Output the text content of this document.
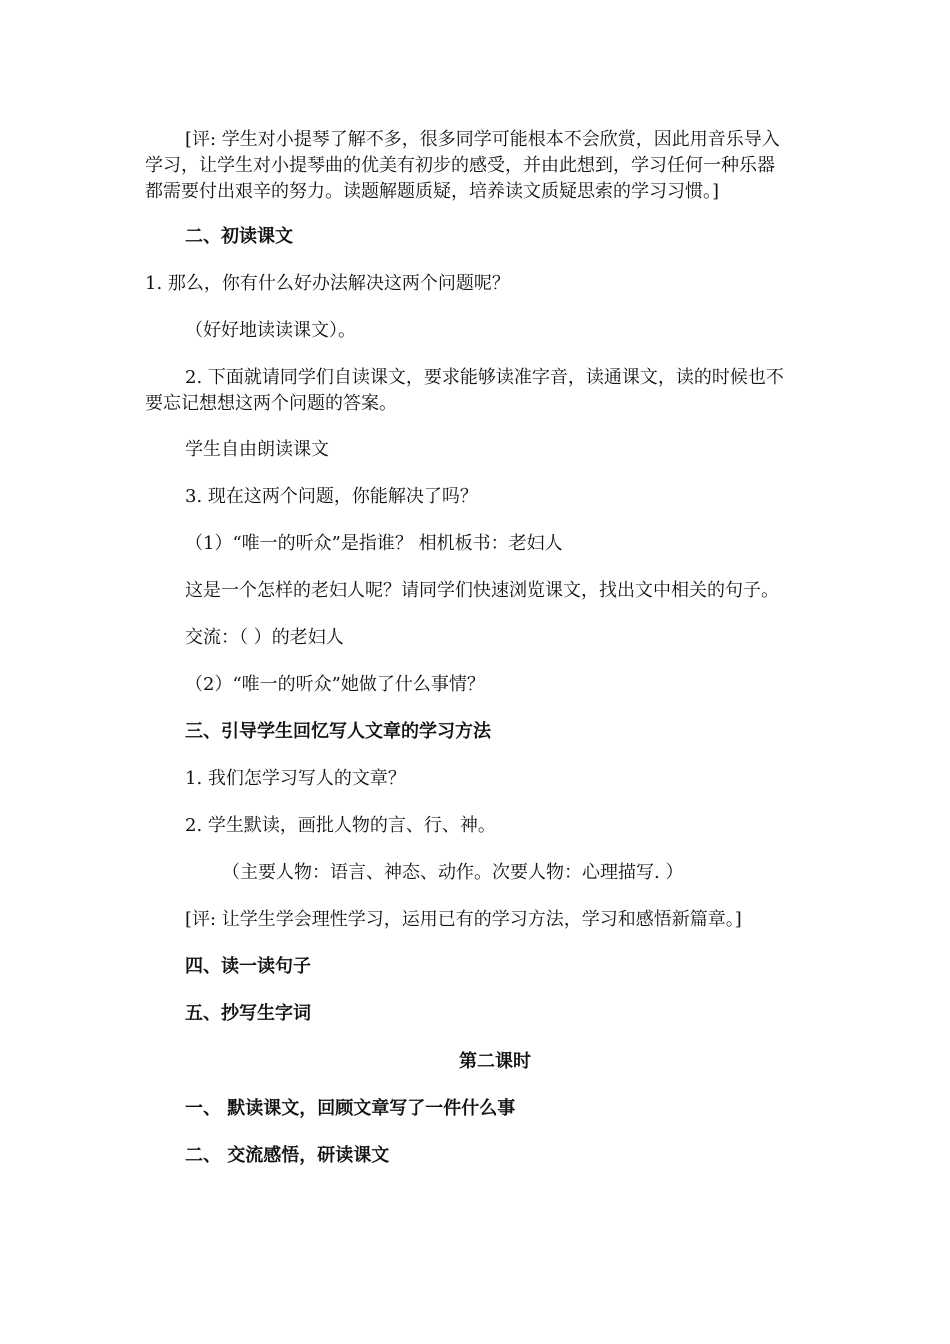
[评: 学生对小提琴了解不多，很多同学可能根本不会欣赏，因此用音乐导入
学习，让学生对小提琴曲的优美有初步的感受，并由此想到，学习任何一种乐器
都需要付出艰辛的努力。读题解题质疑，培养读文质疑思索的学习习惯。]
二、初读课文
1. 那么，你有什么好办法解决这两个问题呢？
（好好地读读课文）。
2. 下面就请同学们自读课文，要求能够读准字音，读通课文，读的时候也不
要忘记想想这两个问题的答案。
学生自由朗读课文
3. 现在这两个问题，你能解决了吗？
（1）“唯一的听众”是指谁？ 相机板书：老妇人
这是一个怎样的老妇人呢？请同学们快速浏览课文，找出文中相关的句子。
交流：（ ）的老妇人
（2）“唯一的听众”她做了什么事情？
三、引导学生回忆写人文章的学习方法
1. 我们怎学习写人的文章？
2. 学生默读，画批人物的言、行、神。
（主要人物：语言、神态、动作。次要人物：心理描写. ）
[评: 让学生学会理性学习，运用已有的学习方法，学习和感悟新篇章。]
四、读一读句子
五、抄写生字词
第二课时
一、 默读课文，回顾文章写了一件什么事
二、 交流感悟，研读课文
